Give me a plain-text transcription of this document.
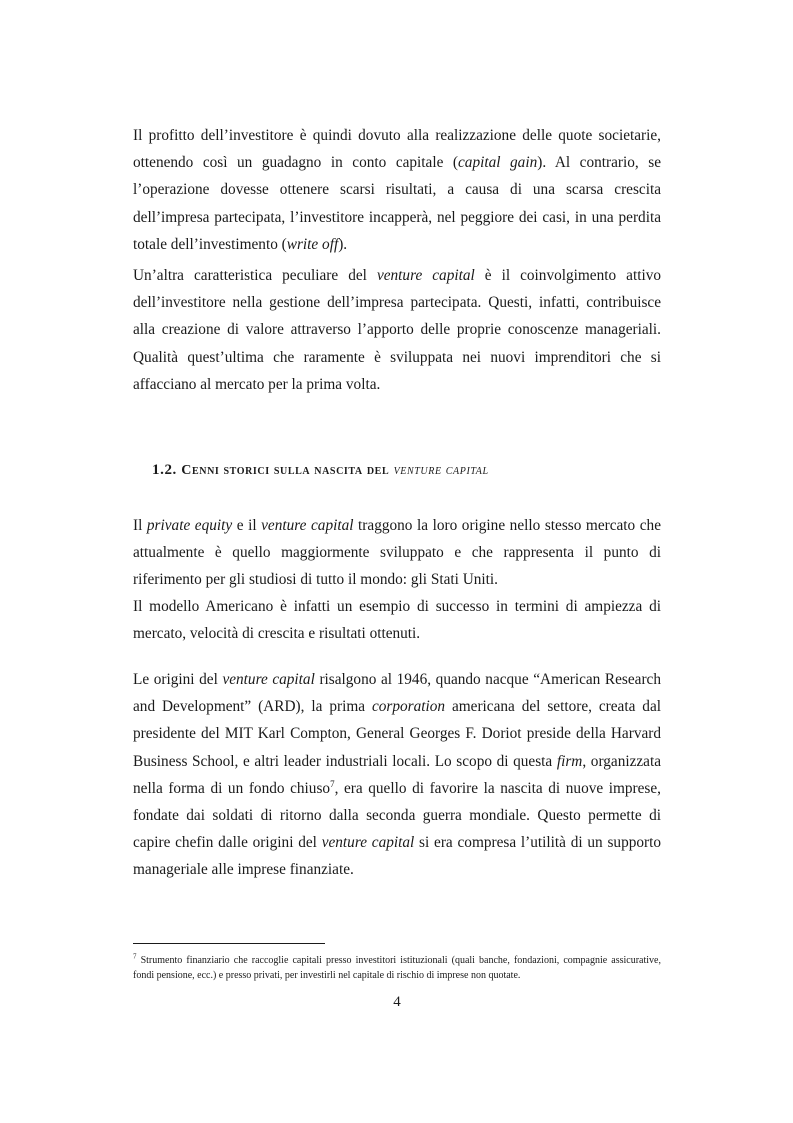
Il profitto dell’investitore è quindi dovuto alla realizzazione delle quote societarie, ottenendo così un guadagno in conto capitale (capital gain). Al contrario, se l’operazione dovesse ottenere scarsi risultati, a causa di una scarsa crescita dell’impresa partecipata, l’investitore incapperà, nel peggiore dei casi, in una perdita totale dell’investimento (write off).

Un’altra caratteristica peculiare del venture capital è il coinvolgimento attivo dell’investitore nella gestione dell’impresa partecipata. Questi, infatti, contribuisce alla creazione di valore attraverso l’apporto delle proprie conoscenze manageriali. Qualità quest’ultima che raramente è sviluppata nei nuovi imprenditori che si affacciano al mercato per la prima volta.

1.2. Cenni storici sulla nascita del venture capital

Il private equity e il venture capital traggono la loro origine nello stesso mercato che attualmente è quello maggiormente sviluppato e che rappresenta il punto di riferimento per gli studiosi di tutto il mondo: gli Stati Uniti.

Il modello Americano è infatti un esempio di successo in termini di ampiezza di mercato, velocità di crescita e risultati ottenuti.

Le origini del venture capital risalgono al 1946, quando nacque “American Research and Development” (ARD), la prima corporation americana del settore, creata dal presidente del MIT Karl Compton, General Georges F. Doriot preside della Harvard Business School, e altri leader industriali locali. Lo scopo di questa firm, organizzata nella forma di un fondo chiuso$^7$, era quello di favorire la nascita di nuove imprese, fondate dai soldati di ritorno dalla seconda guerra mondiale. Questo permette di capire chefin dalle origini del venture capital si era compresa l’utilità di un supporto manageriale alle imprese finanziate.

$^7$ Strumento finanziario che raccoglie capitali presso investitori istituzionali (quali banche, fondazioni, compagnie assicurative, fondi pensione, ecc.) e presso privati, per investirli nel capitale di rischio di imprese non quotate.

4
